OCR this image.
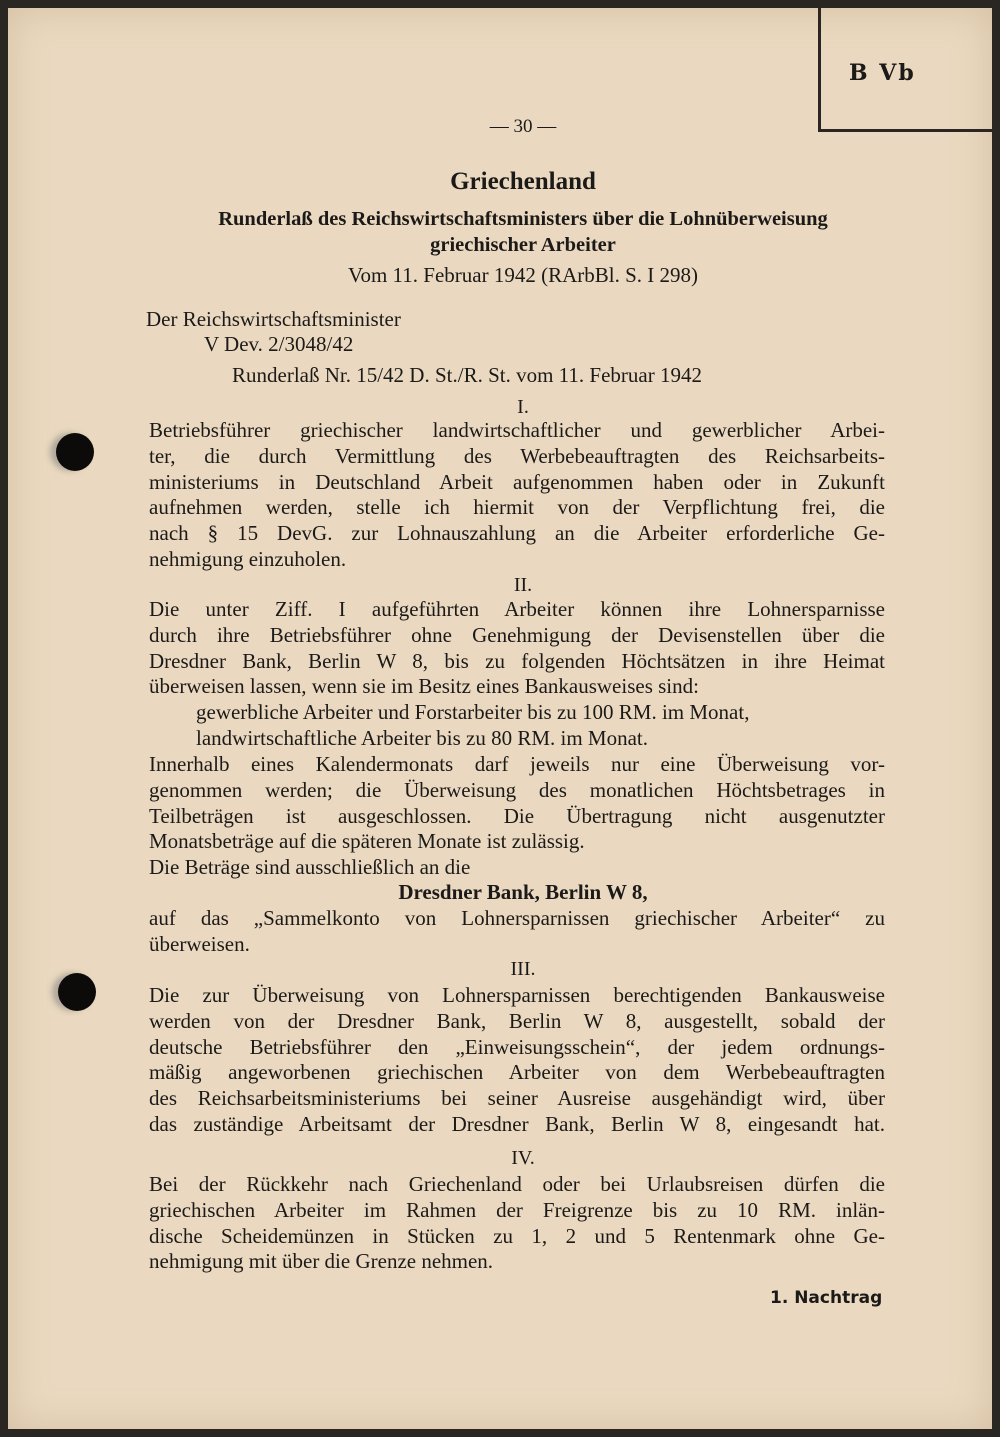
B Vb
— 30 —
Griechenland
Runderlaß des Reichswirtschaftsministers über die Lohnüberweisung
griechischer Arbeiter
Vom 11. Februar 1942 (RArbBl. S. I 298)
Der Reichswirtschaftsminister
V Dev. 2/3048/42
Runderlaß Nr. 15/42 D. St./R. St. vom 11. Februar 1942
I.
Betriebsführer griechischer landwirtschaftlicher und gewerblicher Arbei-
ter, die durch Vermittlung des Werbebeauftragten des Reichsarbeits-
ministeriums in Deutschland Arbeit aufgenommen haben oder in Zukunft
aufnehmen werden, stelle ich hiermit von der Verpflichtung frei, die
nach § 15 DevG. zur Lohnauszahlung an die Arbeiter erforderliche Ge-
nehmigung einzuholen.
II.
Die unter Ziff. I aufgeführten Arbeiter können ihre Lohnersparnisse
durch ihre Betriebsführer ohne Genehmigung der Devisenstellen über die
Dresdner Bank, Berlin W 8, bis zu folgenden Höchtsätzen in ihre Heimat
überweisen lassen, wenn sie im Besitz eines Bankausweises sind:
gewerbliche Arbeiter und Forstarbeiter bis zu 100 RM. im Monat,
landwirtschaftliche Arbeiter bis zu 80 RM. im Monat.
Innerhalb eines Kalendermonats darf jeweils nur eine Überweisung vor-
genommen werden; die Überweisung des monatlichen Höchtsbetrages in
Teilbeträgen ist ausgeschlossen. Die Übertragung nicht ausgenutzter
Monatsbeträge auf die späteren Monate ist zulässig.
Die Beträge sind ausschließlich an die
Dresdner Bank, Berlin W 8,
auf das „Sammelkonto von Lohnersparnissen griechischer Arbeiter“ zu
überweisen.
III.
Die zur Überweisung von Lohnersparnissen berechtigenden Bankausweise
werden von der Dresdner Bank, Berlin W 8, ausgestellt, sobald der
deutsche Betriebsführer den „Einweisungsschein“, der jedem ordnungs-
mäßig angeworbenen griechischen Arbeiter von dem Werbebeauftragten
des Reichsarbeitsministeriums bei seiner Ausreise ausgehändigt wird, über
das zuständige Arbeitsamt der Dresdner Bank, Berlin W 8, eingesandt hat.
IV.
Bei der Rückkehr nach Griechenland oder bei Urlaubsreisen dürfen die
griechischen Arbeiter im Rahmen der Freigrenze bis zu 10 RM. inlän-
dische Scheidemünzen in Stücken zu 1, 2 und 5 Rentenmark ohne Ge-
nehmigung mit über die Grenze nehmen.
1. Nachtrag
